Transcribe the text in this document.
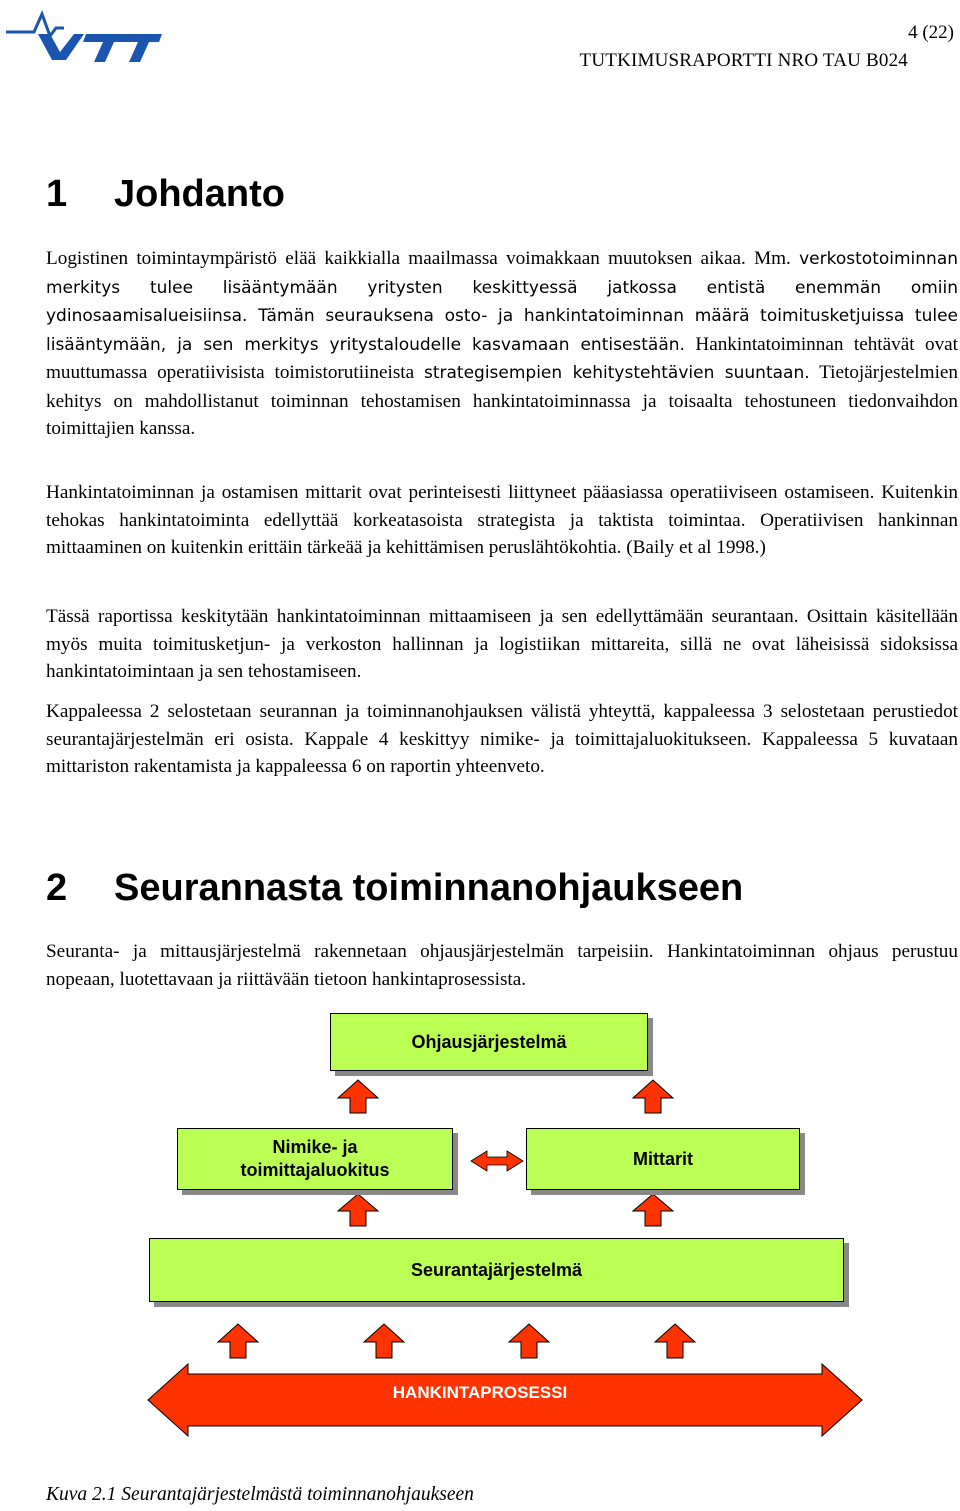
4 (22)
TUTKIMUSRAPORTTI NRO TAU B024
1 Johdanto

Logistinen toimintaympäristö elää kaikkialla maailmassa voimakkaan muutoksen aikaa. Mm. verkostotoiminnan merkitys tulee lisääntymään yritysten keskittyessä jatkossa entistä enemmän omiin ydinosaamisalueisiinsa. Tämän seurauksena osto- ja hankintatoiminnan määrä toimitusketjuissa tulee lisääntymään, ja sen merkitys yritystaloudelle kasvamaan entisestään. Hankintatoiminnan tehtävät ovat muuttumassa operatiivisista toimistorutiineista strategisempien kehitystehtävien suuntaan. Tietojärjestelmien kehitys on mahdollistanut toiminnan tehostamisen hankintatoiminnassa ja toisaalta tehostuneen tiedonvaihdon toimittajien kanssa.

Hankintatoiminnan ja ostamisen mittarit ovat perinteisesti liittyneet pääasiassa operatiiviseen ostamiseen. Kuitenkin tehokas hankintatoiminta edellyttää korkeatasoista strategista ja taktista toimintaa. Operatiivisen hankinnan mittaaminen on kuitenkin erittäin tärkeää ja kehittämisen peruslähtökohtia. (Baily et al 1998.)

Tässä raportissa keskitytään hankintatoiminnan mittaamiseen ja sen edellyttämään seurantaan. Osittain käsitellään myös muita toimitusketjun- ja verkoston hallinnan ja logistiikan mittareita, sillä ne ovat läheisissä sidoksissa hankintatoimintaan ja sen tehostamiseen.

Kappaleessa 2 selostetaan seurannan ja toiminnanohjauksen välistä yhteyttä, kappaleessa 3 selostetaan perustiedot seurantajärjestelmän eri osista. Kappale 4 keskittyy nimike- ja toimittajaluokitukseen. Kappaleessa 5 kuvataan mittariston rakentamista ja kappaleessa 6 on raportin yhteenveto.

2 Seurannasta toiminnanohjaukseen

Seuranta- ja mittausjärjestelmä rakennetaan ohjausjärjestelmän tarpeisiin. Hankintatoiminnan ohjaus perustuu nopeaan, luotettavaan ja riittävään tietoon hankintaprosessista.

Ohjausjärjestelmä
Nimike- ja
toimittajaluokitus
Mittarit
Seurantajärjestelmä
HANKINTAPROSESSI
Kuva 2.1 Seurantajärjestelmästä toiminnanohjaukseen
